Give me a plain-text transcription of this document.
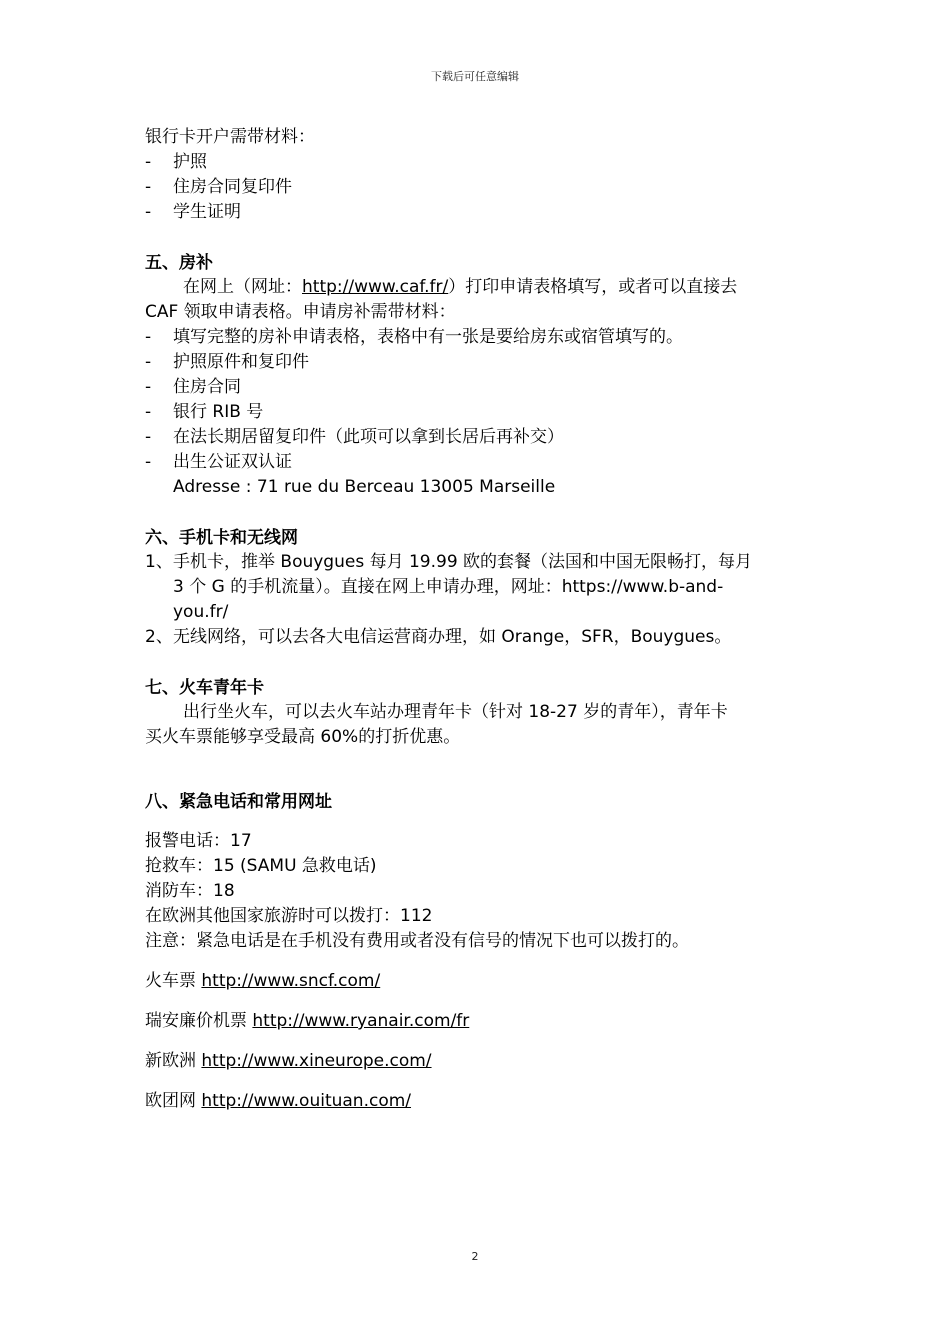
下载后可任意编辑
银行卡开户需带材料：
- 护照
- 住房合同复印件
- 学生证明
五、房补
在网上（网址：http://www.caf.fr/）打印申请表格填写，或者可以直接去
CAF 领取申请表格。申请房补需带材料：
- 填写完整的房补申请表格，表格中有一张是要给房东或宿管填写的。
- 护照原件和复印件
- 住房合同
- 银行 RIB 号
- 在法长期居留复印件（此项可以拿到长居后再补交）
- 出生公证双认证
Adresse : 71 rue du Berceau 13005 Marseille
六、手机卡和无线网
1、 手机卡，推举 Bouygues 每月 19.99 欧的套餐（法国和中国无限畅打，每月
3 个 G 的手机流量）。直接在网上申请办理，网址：https://www.b-and-
you.fr/
2、 无线网络，可以去各大电信运营商办理，如 Orange，SFR，Bouygues。
七、火车青年卡
出行坐火车，可以去火车站办理青年卡（针对 18-27 岁的青年），青年卡
买火车票能够享受最高 60%的打折优惠。
八、紧急电话和常用网址
报警电话：17
抢救车：15 (SAMU 急救电话)
消防车：18
在欧洲其他国家旅游时可以拨打：112
注意：紧急电话是在手机没有费用或者没有信号的情况下也可以拨打的。
火车票 http://www.sncf.com/
瑞安廉价机票 http://www.ryanair.com/fr
新欧洲 http://www.xineurope.com/
欧团网 http://www.ouituan.com/
2
